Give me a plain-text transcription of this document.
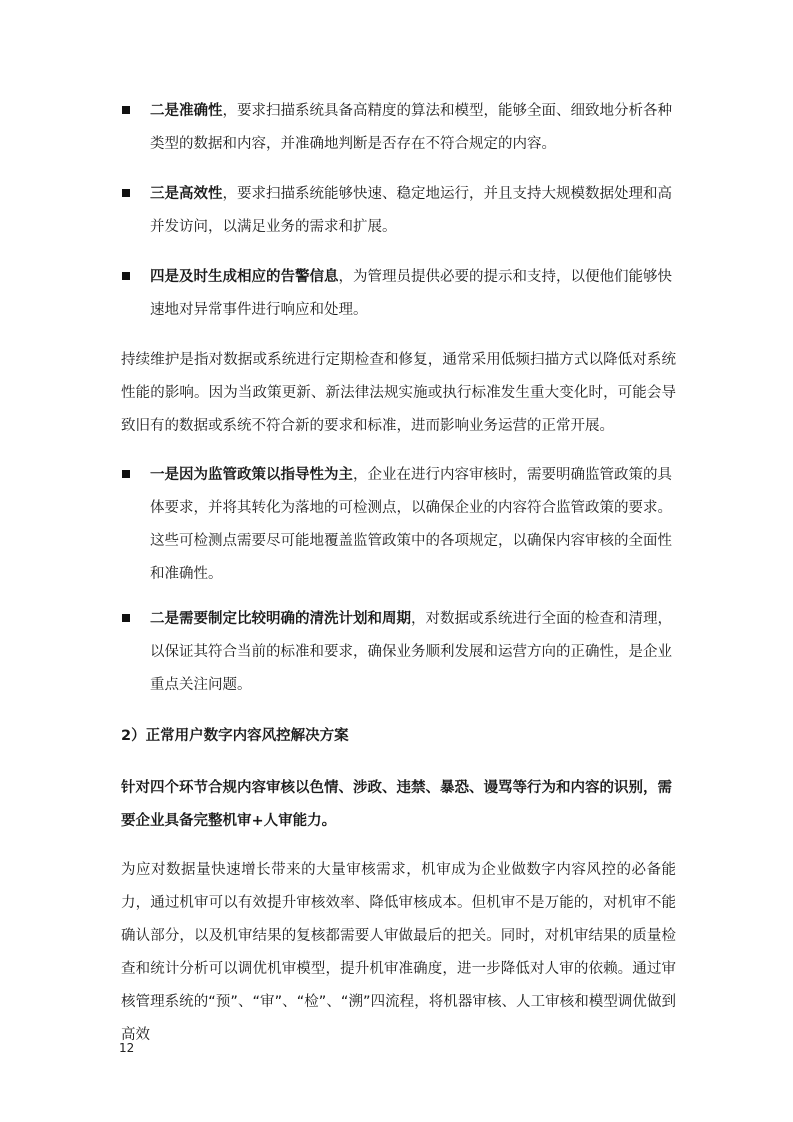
二是准确性，要求扫描系统具备高精度的算法和模型，能够全面、细致地分析各种类型的数据和内容，并准确地判断是否存在不符合规定的内容。
三是高效性，要求扫描系统能够快速、稳定地运行，并且支持大规模数据处理和高并发访问，以满足业务的需求和扩展。
四是及时生成相应的告警信息，为管理员提供必要的提示和支持，以便他们能够快速地对异常事件进行响应和处理。
持续维护是指对数据或系统进行定期检查和修复，通常采用低频扫描方式以降低对系统性能的影响。因为当政策更新、新法律法规实施或执行标准发生重大变化时，可能会导致旧有的数据或系统不符合新的要求和标准，进而影响业务运营的正常开展。
一是因为监管政策以指导性为主，企业在进行内容审核时，需要明确监管政策的具体要求，并将其转化为落地的可检测点，以确保企业的内容符合监管政策的要求。这些可检测点需要尽可能地覆盖监管政策中的各项规定，以确保内容审核的全面性和准确性。
二是需要制定比较明确的清洗计划和周期，对数据或系统进行全面的检查和清理，以保证其符合当前的标准和要求，确保业务顺利发展和运营方向的正确性，是企业重点关注问题。
2）正常用户数字内容风控解决方案
针对四个环节合规内容审核以色情、涉政、违禁、暴恐、谩骂等行为和内容的识别，需要企业具备完整机审+人审能力。
为应对数据量快速增长带来的大量审核需求，机审成为企业做数字内容风控的必备能力，通过机审可以有效提升审核效率、降低审核成本。但机审不是万能的，对机审不能确认部分，以及机审结果的复核都需要人审做最后的把关。同时，对机审结果的质量检查和统计分析可以调优机审模型，提升机审准确度，进一步降低对人审的依赖。通过审核管理系统的“预”、“审”、“检”、“溯”四流程，将机器审核、人工审核和模型调优做到高效
12
